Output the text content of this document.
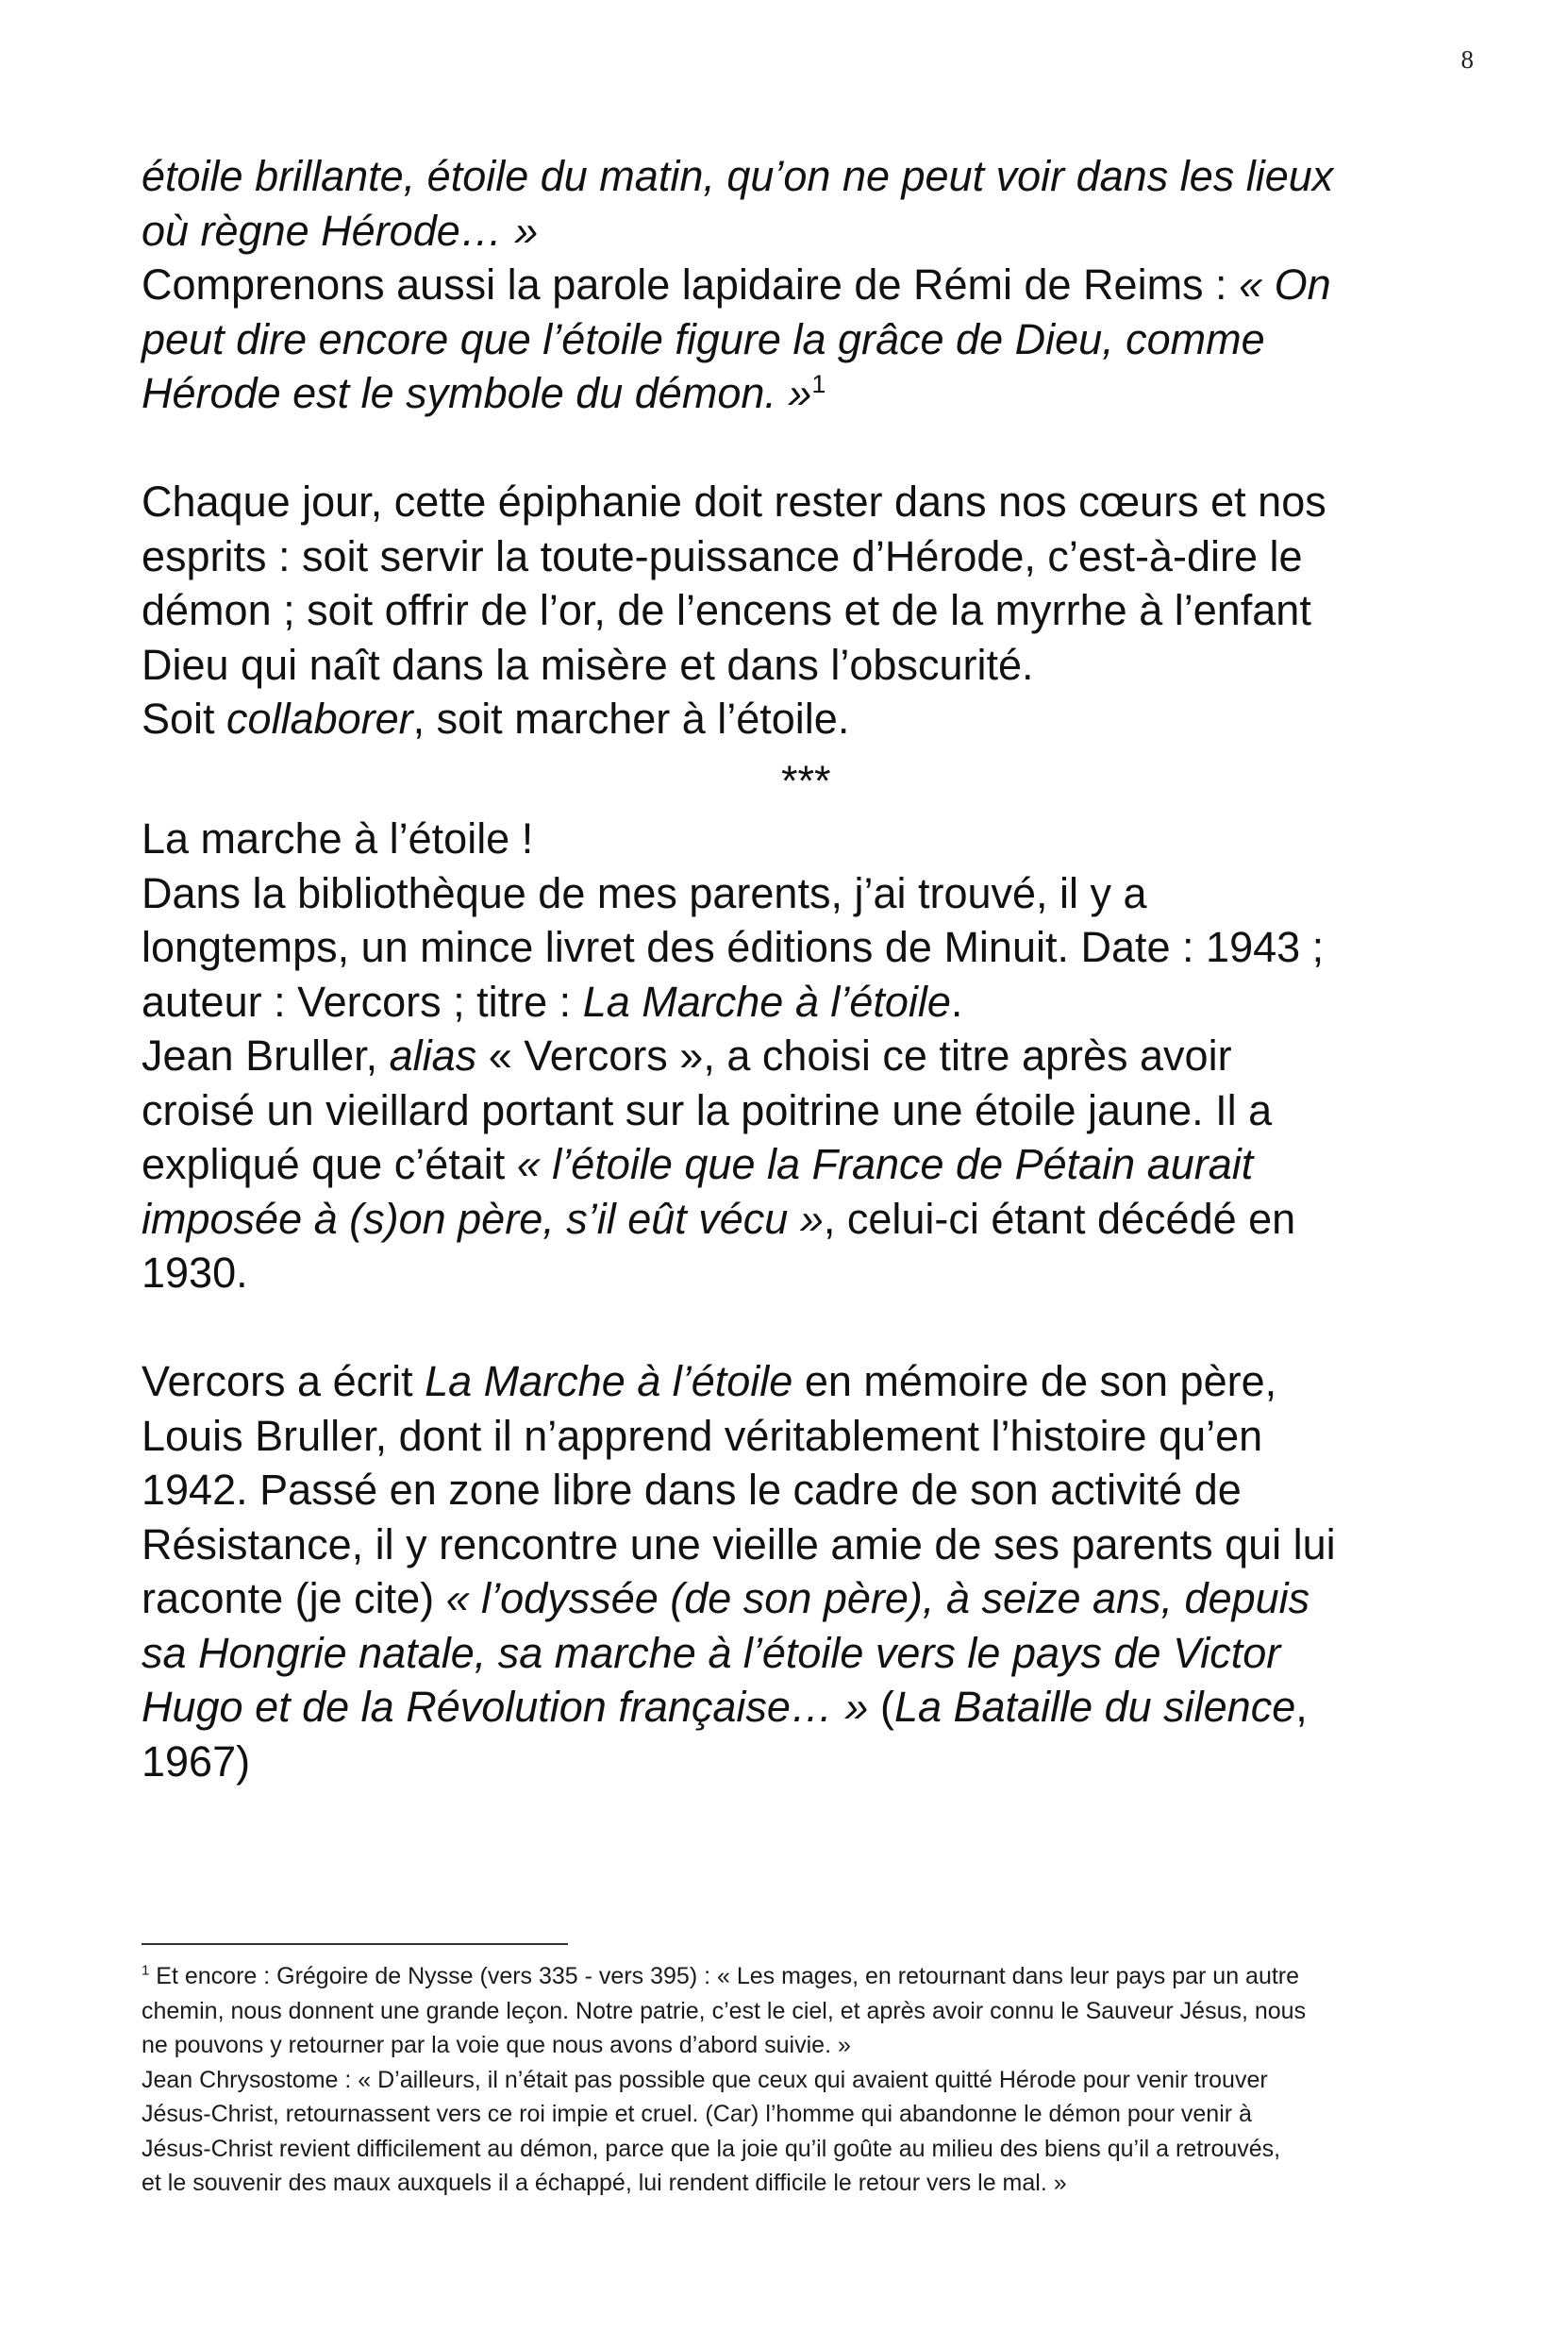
8

étoile brillante, étoile du matin, qu’on ne peut voir dans les lieux

où règne Hérode… »

Comprenons aussi la parole lapidaire de Rémi de Reims : « On

peut dire encore que l’étoile figure la grâce de Dieu, comme

Hérode est le symbole du démon. »$^1$

Chaque jour, cette épiphanie doit rester dans nos cœurs et nos

esprits : soit servir la toute-puissance d’Hérode, c’est-à-dire le

démon ; soit offrir de l’or, de l’encens et de la myrrhe à l’enfant

Dieu qui naît dans la misère et dans l’obscurité.

Soit collaborer, soit marcher à l’étoile.

***

La marche à l’étoile !

Dans la bibliothèque de mes parents, j’ai trouvé, il y a

longtemps, un mince livret des éditions de Minuit. Date : 1943 ;

auteur : Vercors ; titre : La Marche à l’étoile.

Jean Bruller, alias « Vercors », a choisi ce titre après avoir

croisé un vieillard portant sur la poitrine une étoile jaune. Il a

expliqué que c’était « l’étoile que la France de Pétain aurait

imposée à (s)on père, s’il eût vécu », celui-ci étant décédé en

1930.

Vercors a écrit La Marche à l’étoile en mémoire de son père,

Louis Bruller, dont il n’apprend véritablement l’histoire qu’en

1942. Passé en zone libre dans le cadre de son activité de

Résistance, il y rencontre une vieille amie de ses parents qui lui

raconte (je cite) « l’odyssée (de son père), à seize ans, depuis

sa Hongrie natale, sa marche à l’étoile vers le pays de Victor

Hugo et de la Révolution française… » (La Bataille du silence,

1967)

$^1$ Et encore : Grégoire de Nysse (vers 335 - vers 395) : « Les mages, en retournant dans leur pays par un autre

chemin, nous donnent une grande leçon. Notre patrie, c’est le ciel, et après avoir connu le Sauveur Jésus, nous

ne pouvons y retourner par la voie que nous avons d’abord suivie. »

Jean Chrysostome : « D’ailleurs, il n’était pas possible que ceux qui avaient quitté Hérode pour venir trouver

Jésus-Christ, retournassent vers ce roi impie et cruel. (Car) l’homme qui abandonne le démon pour venir à

Jésus-Christ revient difficilement au démon, parce que la joie qu’il goûte au milieu des biens qu’il a retrouvés,

et le souvenir des maux auxquels il a échappé, lui rendent difficile le retour vers le mal. »
